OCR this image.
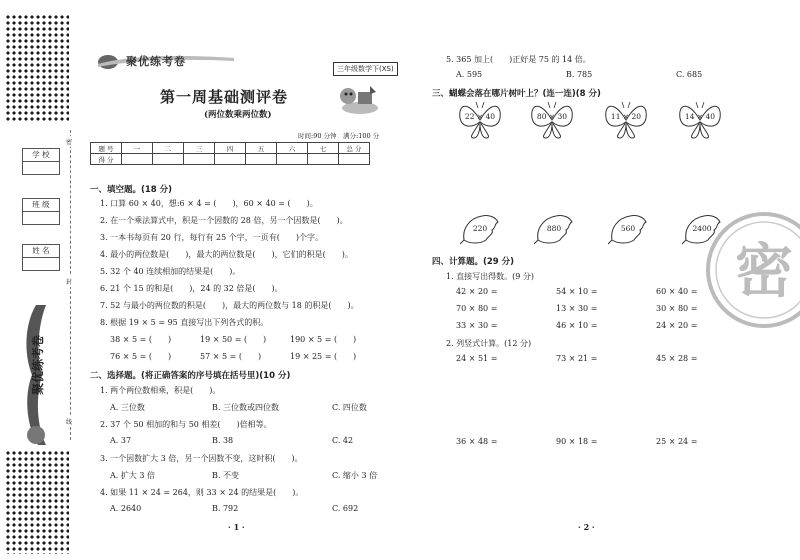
学 校
班 级
姓 名
密
封
线
聚优练考卷
聚优练考卷
三年级数学下(XS)
第一周基础测评卷
(两位数乘两位数)
时间:90 分钟　满分:100 分
题 号	一	二	三	四	五	六	七	总 分
得 分								
一、填空题。(18 分)
1. 口算 60 × 40，想:6 × 4 = (　　)，60 × 40 = (　　)。
2. 在一个乘法算式中，积是一个因数的 28 倍，另一个因数是(　　)。
3. 一本书每页有 20 行，每行有 25 个字，一页有(　　)个字。
4. 最小的两位数是(　　)，最大的两位数是(　　)，它们的积是(　　)。
5. 32 个 40 连续相加的结果是(　　)。
6. 21 个 15 的和是(　　)，24 的 32 倍是(　　)。
7. 52 与最小的两位数的积是(　　)，最大的两位数与 18 的积是(　　)。
8. 根据 19 × 5 = 95 直接写出下列各式的积。
38 × 5 = (　　)	19 × 50 = (　　)	190 × 5 = (　　)
76 × 5 = (　　)	57 × 5 = (　　)	19 × 25 = (　　)
二、选择题。(将正确答案的序号填在括号里)(10 分)
1. 两个两位数相乘，积是(　　)。
A. 三位数	B. 三位数或四位数	C. 四位数
2. 37 个 50 相加的和与 50 相差(　　)倍相等。
A. 37	B. 38	C. 42
3. 一个因数扩大 3 倍，另一个因数不变，这时积(　　)。
A. 扩大 3 倍	B. 不变	C. 缩小 3 倍
4. 如果 11 × 24 = 264，则 33 × 24 的结果是(　　)。
A. 2640	B. 792	C. 692
· 1 ·
5. 365 加上(　　)正好是 75 的 14 倍。
A. 595	B. 785	C. 685
三、蝴蝶会落在哪片树叶上？(连一连)(8 分)
22 × 40	80 × 30	11 × 20	14 × 40
220	880	560	2400
四、计算题。(29 分)
1. 直接写出得数。(9 分)
42 × 20 =	54 × 10 =	60 × 40 =
70 × 80 =	13 × 30 =	30 × 80 =
33 × 30 =	46 × 10 =	24 × 20 =
2. 列竖式计算。(12 分)
24 × 51 =	73 × 21 =	45 × 28 =
36 × 48 =	90 × 18 =	25 × 24 =
密
· 2 ·
